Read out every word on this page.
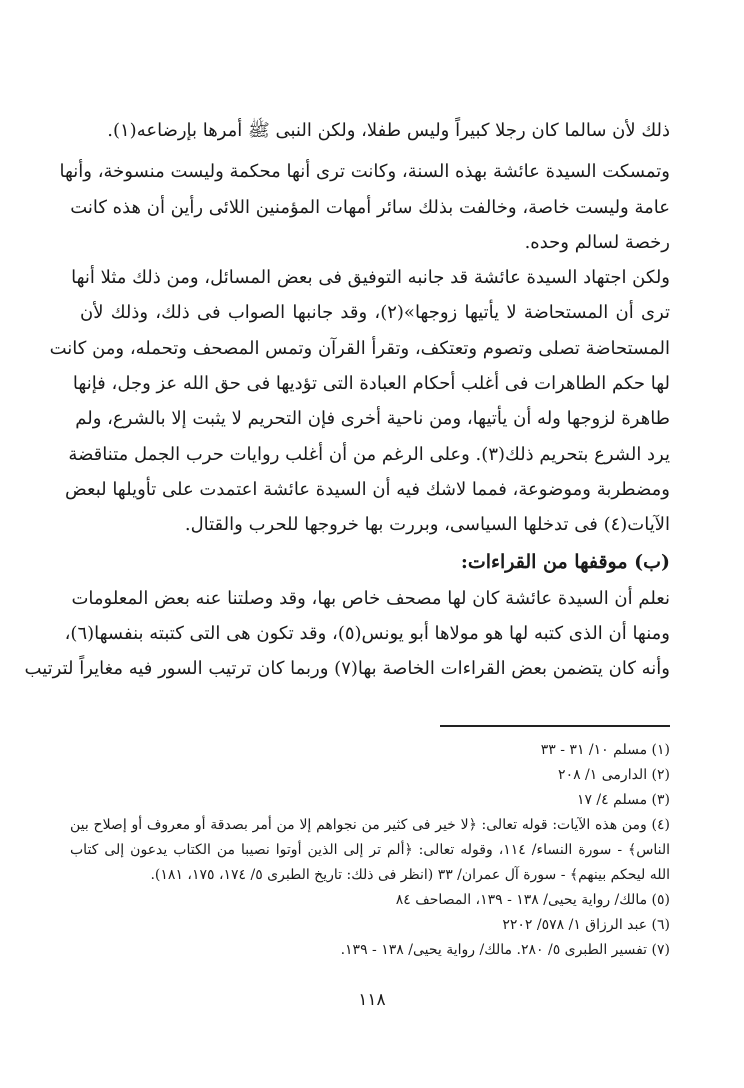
ذلك لأن سالما كان رجلا كبيراً وليس طفلا، ولكن النبى ﷺ أمرها بإرضاعه(١).
وتمسكت السيدة عائشة بهذه السنة، وكانت ترى أنها محكمة وليست منسوخة، وأنها
عامة وليست خاصة، وخالفت بذلك سائر أمهات المؤمنين اللائى رأين أن هذه كانت
رخصة لسالم وحده.
ولكن اجتهاد السيدة عائشة قد جانبه التوفيق فى بعض المسائل، ومن ذلك مثلا أنها
ترى أن المستحاضة لا يأتيها زوجها»(٢)، وقد جانبها الصواب فى ذلك، وذلك لأن
المستحاضة تصلى وتصوم وتعتكف، وتقرأ القرآن وتمس المصحف وتحمله، ومن كانت
لها حكم الطاهرات فى أغلب أحكام العبادة التى تؤديها فى حق الله عز وجل، فإنها
طاهرة لزوجها وله أن يأتيها، ومن ناحية أخرى فإن التحريم لا يثبت إلا بالشرع، ولم
يرد الشرع بتحريم ذلك(٣). وعلى الرغم من أن أغلب روايات حرب الجمل متناقضة
ومضطربة وموضوعة، فمما لاشك فيه أن السيدة عائشة اعتمدت على تأويلها لبعض
الآيات(٤) فى تدخلها السياسى، وبررت بها خروجها للحرب والقتال.
(ب) موقفها من القراءات:
نعلم أن السيدة عائشة كان لها مصحف خاص بها، وقد وصلتنا عنه بعض المعلومات
ومنها أن الذى كتبه لها هو مولاها أبو يونس(٥)، وقد تكون هى التى كتبته بنفسها(٦)،
وأنه كان يتضمن بعض القراءات الخاصة بها(٧) وربما كان ترتيب السور فيه مغايراً لترتيب
(١) مسلم ١٠/ ٣١ - ٣٣
(٢) الدارمى ١/ ٢٠٨
(٣) مسلم ٤/ ١٧
(٤) ومن هذه الآيات: قوله تعالى: ﴿لا خير فى كثير من نجواهم إلا من أمر بصدقة أو معروف أو إصلاح بين
الناس﴾ - سورة النساء/ ١١٤، وقوله تعالى: ﴿ألم تر إلى الذين أوتوا نصيبا من الكتاب يدعون إلى كتاب
الله ليحكم بينهم﴾ - سورة آل عمران/ ٣٣ (انظر فى ذلك: تاريخ الطبرى ٥/ ١٧٤، ١٧٥، ١٨١).
(٥) مالك/ رواية يحيى/ ١٣٨ - ١٣٩، المصاحف ٨٤
(٦) عبد الرزاق ١/ ٥٧٨/ ٢٢٠٢
(٧) تفسير الطبرى ٥/ ٢٨٠. مالك/ رواية يحيى/ ١٣٨ - ١٣٩.
١١٨
